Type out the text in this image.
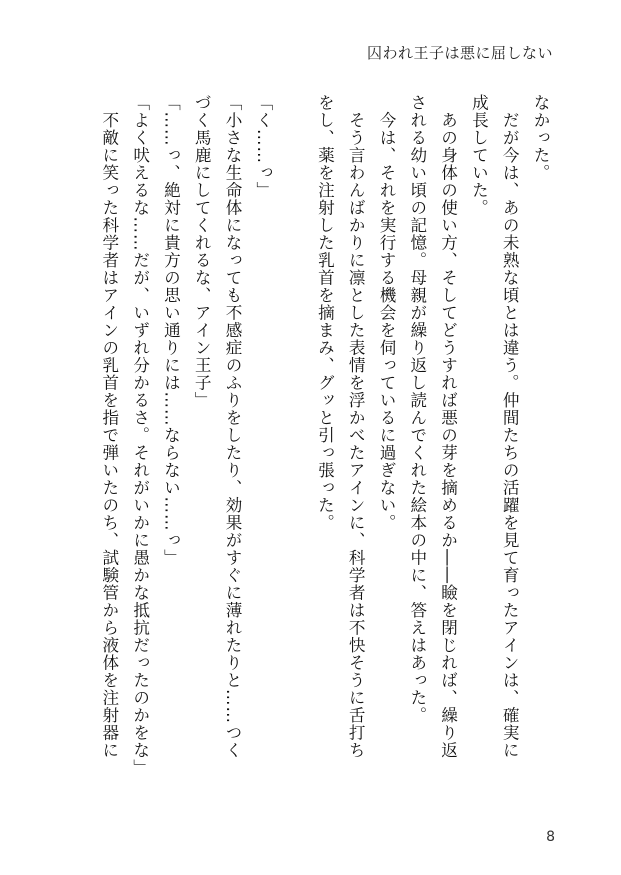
囚われ王子は悪に屈しない
なかった。
　だが今は、あの未熟な頃とは違う。仲間たちの活躍を見て育ったアインは、確実に
成長していた。
　あの身体の使い方、そしてどうすれば悪の芽を摘めるか――瞼を閉じれば、繰り返
される幼い頃の記憶。母親が繰り返し読んでくれた絵本の中に、答えはあった。
　今は、それを実行する機会を伺っているに過ぎない。
　そう言わんばかりに凛とした表情を浮かべたアインに、科学者は不快そうに舌打ち
をし、薬を注射した乳首を摘まみ、グッと引っ張った。
「く……っ」
「小さな生命体になっても不感症のふりをしたり、効果がすぐに薄れたりと……つく
づく馬鹿にしてくれるな、アイン王子」
「……っ、絶対に貴方の思い通りには……ならない……っ」
「よく吠えるな……だが、いずれ分かるさ。それがいかに愚かな抵抗だったのかをな」
　不敵に笑った科学者はアインの乳首を指で弾いたのち、試験管から液体を注射器に
8
